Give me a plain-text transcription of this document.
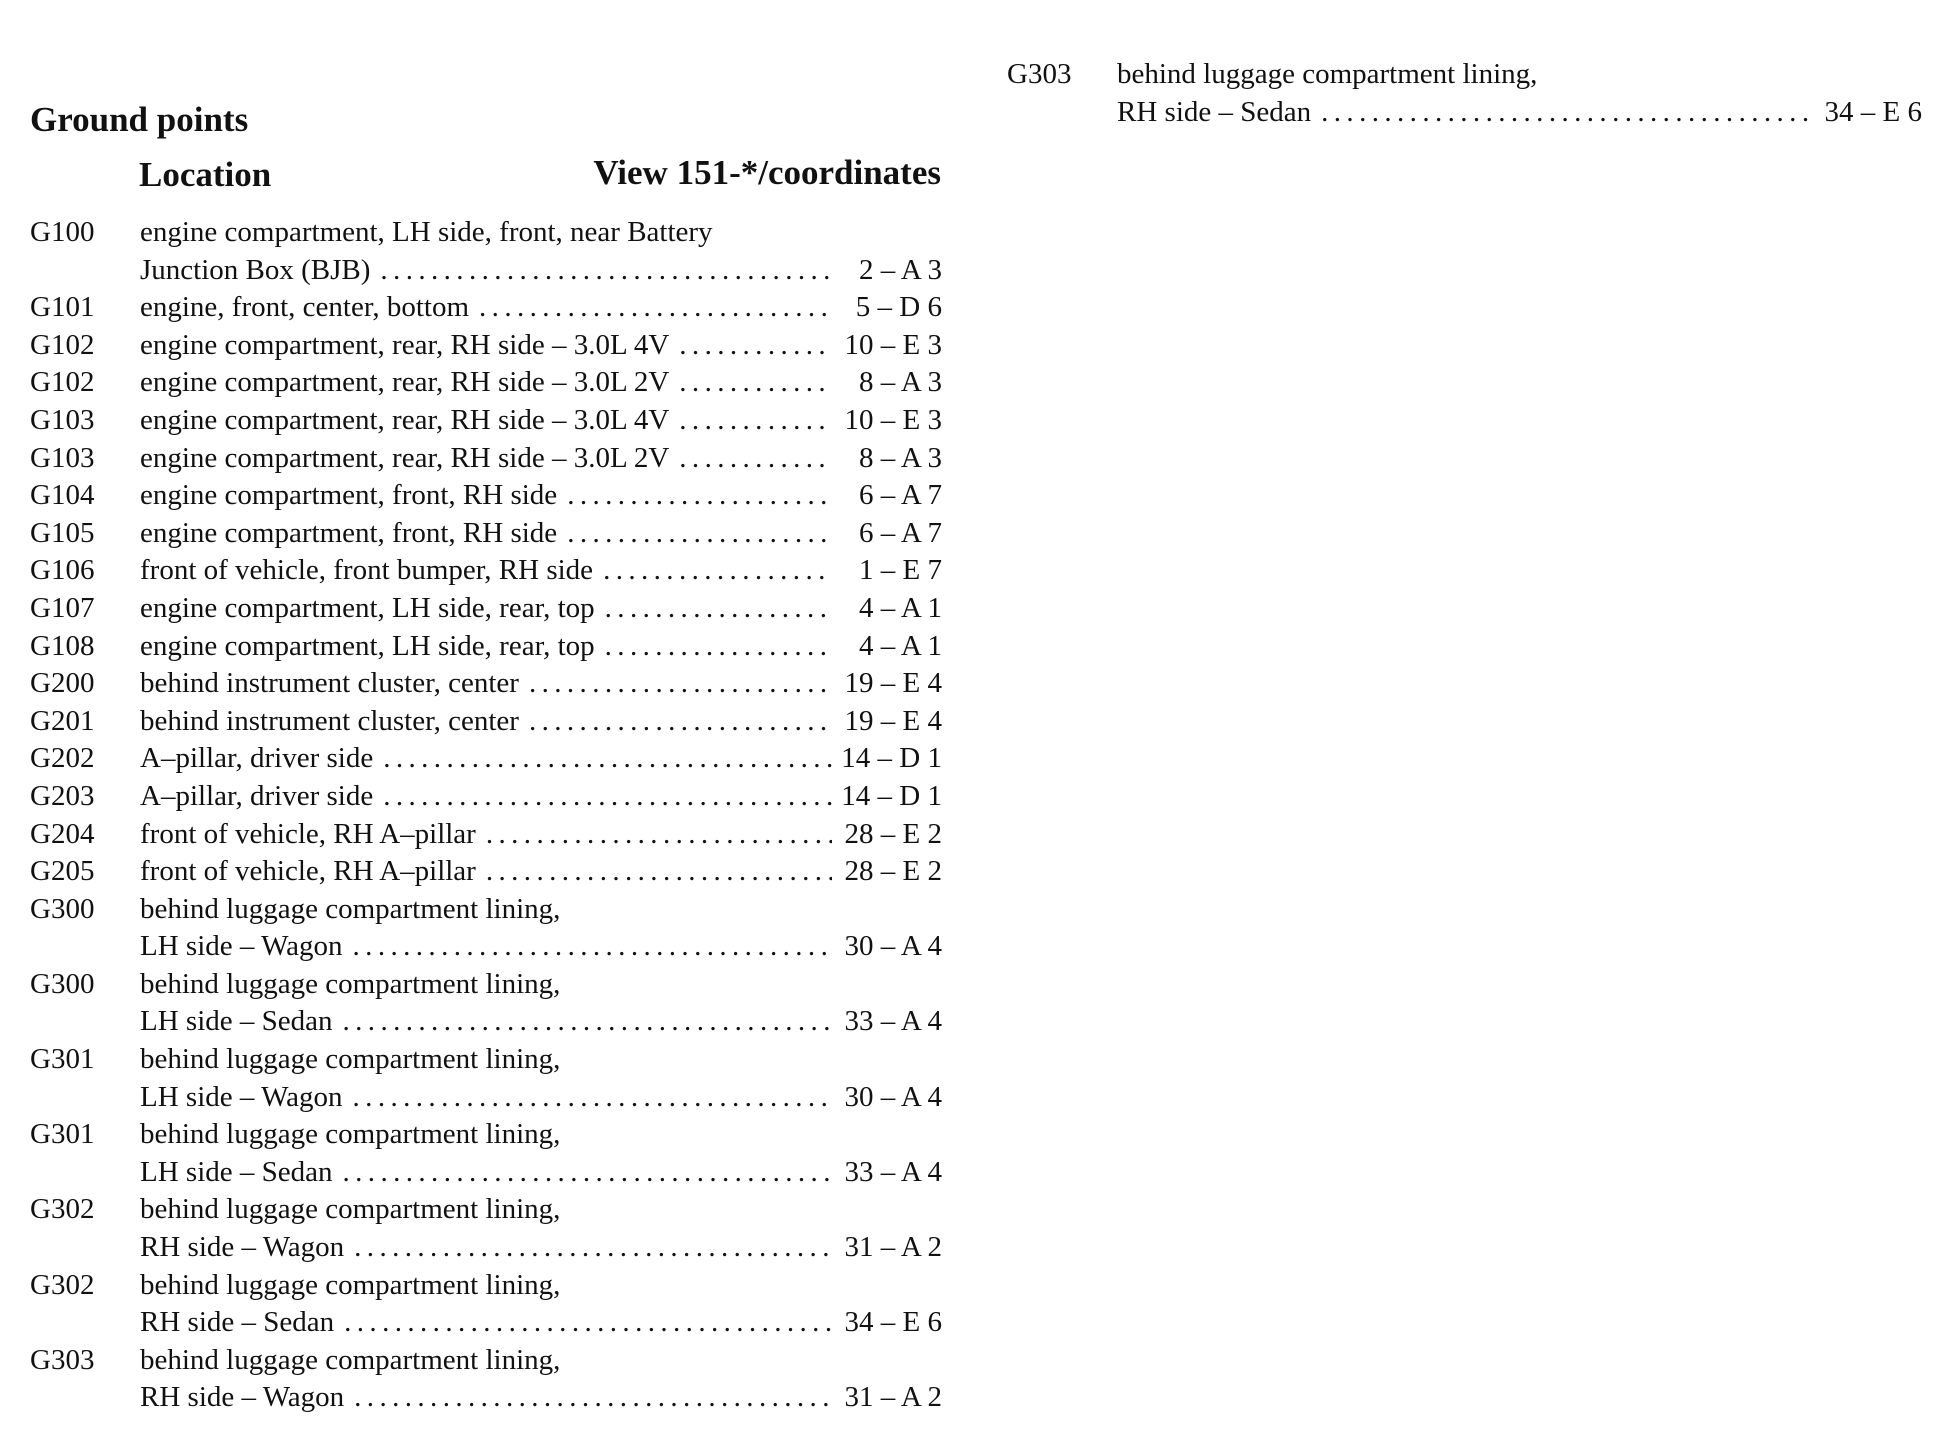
Ground points
Location	View 151-*/coordinates
G100	engine compartment, LH side, front, near Battery
Junction Box (BJB) .....	2 – A 3
G101	engine, front, center, bottom .....	5 – D 6
G102	engine compartment, rear, RH side – 3.0L 4V .....	10 – E 3
G102	engine compartment, rear, RH side – 3.0L 2V .....	8 – A 3
G103	engine compartment, rear, RH side – 3.0L 4V .....	10 – E 3
G103	engine compartment, rear, RH side – 3.0L 2V .....	8 – A 3
G104	engine compartment, front, RH side .....	6 – A 7
G105	engine compartment, front, RH side .....	6 – A 7
G106	front of vehicle, front bumper, RH side .....	1 – E 7
G107	engine compartment, LH side, rear, top .....	4 – A 1
G108	engine compartment, LH side, rear, top .....	4 – A 1
G200	behind instrument cluster, center .....	19 – E 4
G201	behind instrument cluster, center .....	19 – E 4
G202	A–pillar, driver side .....	14 – D 1
G203	A–pillar, driver side .....	14 – D 1
G204	front of vehicle, RH A–pillar .....	28 – E 2
G205	front of vehicle, RH A–pillar .....	28 – E 2
G300	behind luggage compartment lining,
LH side – Wagon .....	30 – A 4
G300	behind luggage compartment lining,
LH side – Sedan .....	33 – A 4
G301	behind luggage compartment lining,
LH side – Wagon .....	30 – A 4
G301	behind luggage compartment lining,
LH side – Sedan .....	33 – A 4
G302	behind luggage compartment lining,
RH side – Wagon .....	31 – A 2
G302	behind luggage compartment lining,
RH side – Sedan .....	34 – E 6
G303	behind luggage compartment lining,
RH side – Wagon .....	31 – A 2
G303	behind luggage compartment lining,
RH side – Sedan .....	34 – E 6
